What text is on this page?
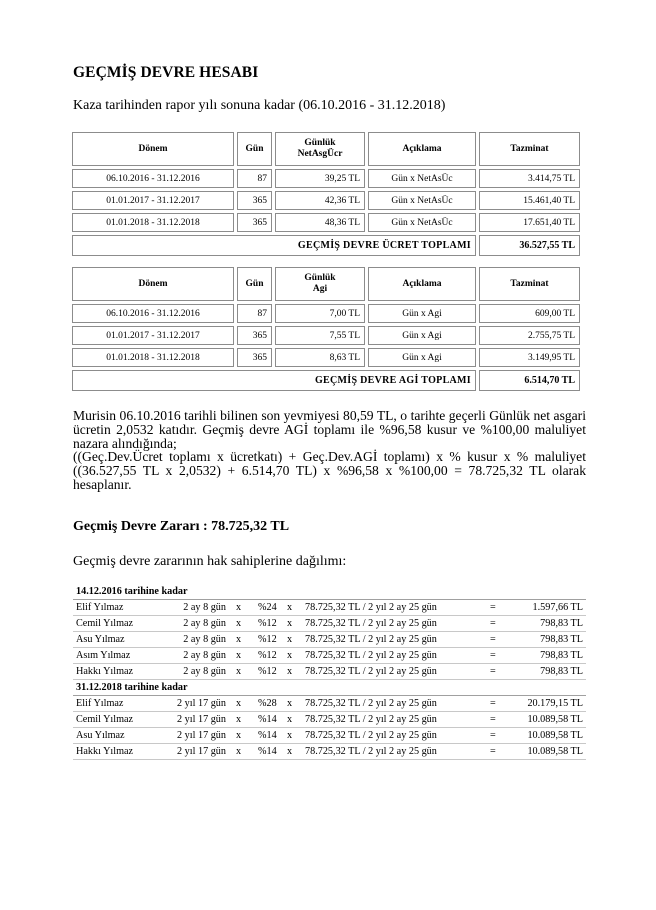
GEÇMİŞ DEVRE HESABI
Kaza tarihinden rapor yılı sonuna kadar (06.10.2016 - 31.12.2018)
Dönem	Gün	Günlük NetAsgÜcr	Açıklama	Tazminat
06.10.2016 - 31.12.2016	87	39,25 TL	Gün x NetAsÜc	3.414,75 TL
01.01.2017 - 31.12.2017	365	42,36 TL	Gün x NetAsÜc	15.461,40 TL
01.01.2018 - 31.12.2018	365	48,36 TL	Gün x NetAsÜc	17.651,40 TL
GEÇMİŞ DEVRE ÜCRET TOPLAMI				36.527,55 TL
Dönem	Gün	Günlük Agi	Açıklama	Tazminat
06.10.2016 - 31.12.2016	87	7,00 TL	Gün x Agi	609,00 TL
01.01.2017 - 31.12.2017	365	7,55 TL	Gün x Agi	2.755,75 TL
01.01.2018 - 31.12.2018	365	8,63 TL	Gün x Agi	3.149,95 TL
GEÇMİŞ DEVRE AGİ TOPLAMI				6.514,70 TL

Murisin 06.10.2016 tarihli bilinen son yevmiyesi 80,59 TL, o tarihte geçerli Günlük net asgari ücretin 2,0532 katıdır. Geçmiş devre AGİ toplamı ile %96,58 kusur ve %100,00 maluliyet nazara alındığında;

((Geç.Dev.Ücret toplamı x ücretkatı) + Geç.Dev.AGİ toplamı) x % kusur x % maluliyet ((36.527,55 TL x 2,0532) + 6.514,70 TL) x %96,58 x %100,00 = 78.725,32 TL olarak hesaplanır.

Geçmiş Devre Zararı : 78.725,32 TL
Geçmiş devre zararının hak sahiplerine dağılımı:
14.12.2016 tarihine kadar
Elif Yılmaz	2 ay 8 gün x %24 x 78.725,32 TL / 2 yıl 2 ay 25 gün	=	1.597,66 TL
Cemil Yılmaz	2 ay 8 gün x %12 x 78.725,32 TL / 2 yıl 2 ay 25 gün	=	798,83 TL
Asu Yılmaz	2 ay 8 gün x %12 x 78.725,32 TL / 2 yıl 2 ay 25 gün	=	798,83 TL
Asım Yılmaz	2 ay 8 gün x %12 x 78.725,32 TL / 2 yıl 2 ay 25 gün	=	798,83 TL
Hakkı Yılmaz	2 ay 8 gün x %12 x 78.725,32 TL / 2 yıl 2 ay 25 gün	=	798,83 TL
31.12.2018 tarihine kadar
Elif Yılmaz	2 yıl 17 gün x %28 x 78.725,32 TL / 2 yıl 2 ay 25 gün	=	20.179,15 TL
Cemil Yılmaz	2 yıl 17 gün x %14 x 78.725,32 TL / 2 yıl 2 ay 25 gün	=	10.089,58 TL
Asu Yılmaz	2 yıl 17 gün x %14 x 78.725,32 TL / 2 yıl 2 ay 25 gün	=	10.089,58 TL
Hakkı Yılmaz	2 yıl 17 gün x %14 x 78.725,32 TL / 2 yıl 2 ay 25 gün	=	10.089,58 TL
